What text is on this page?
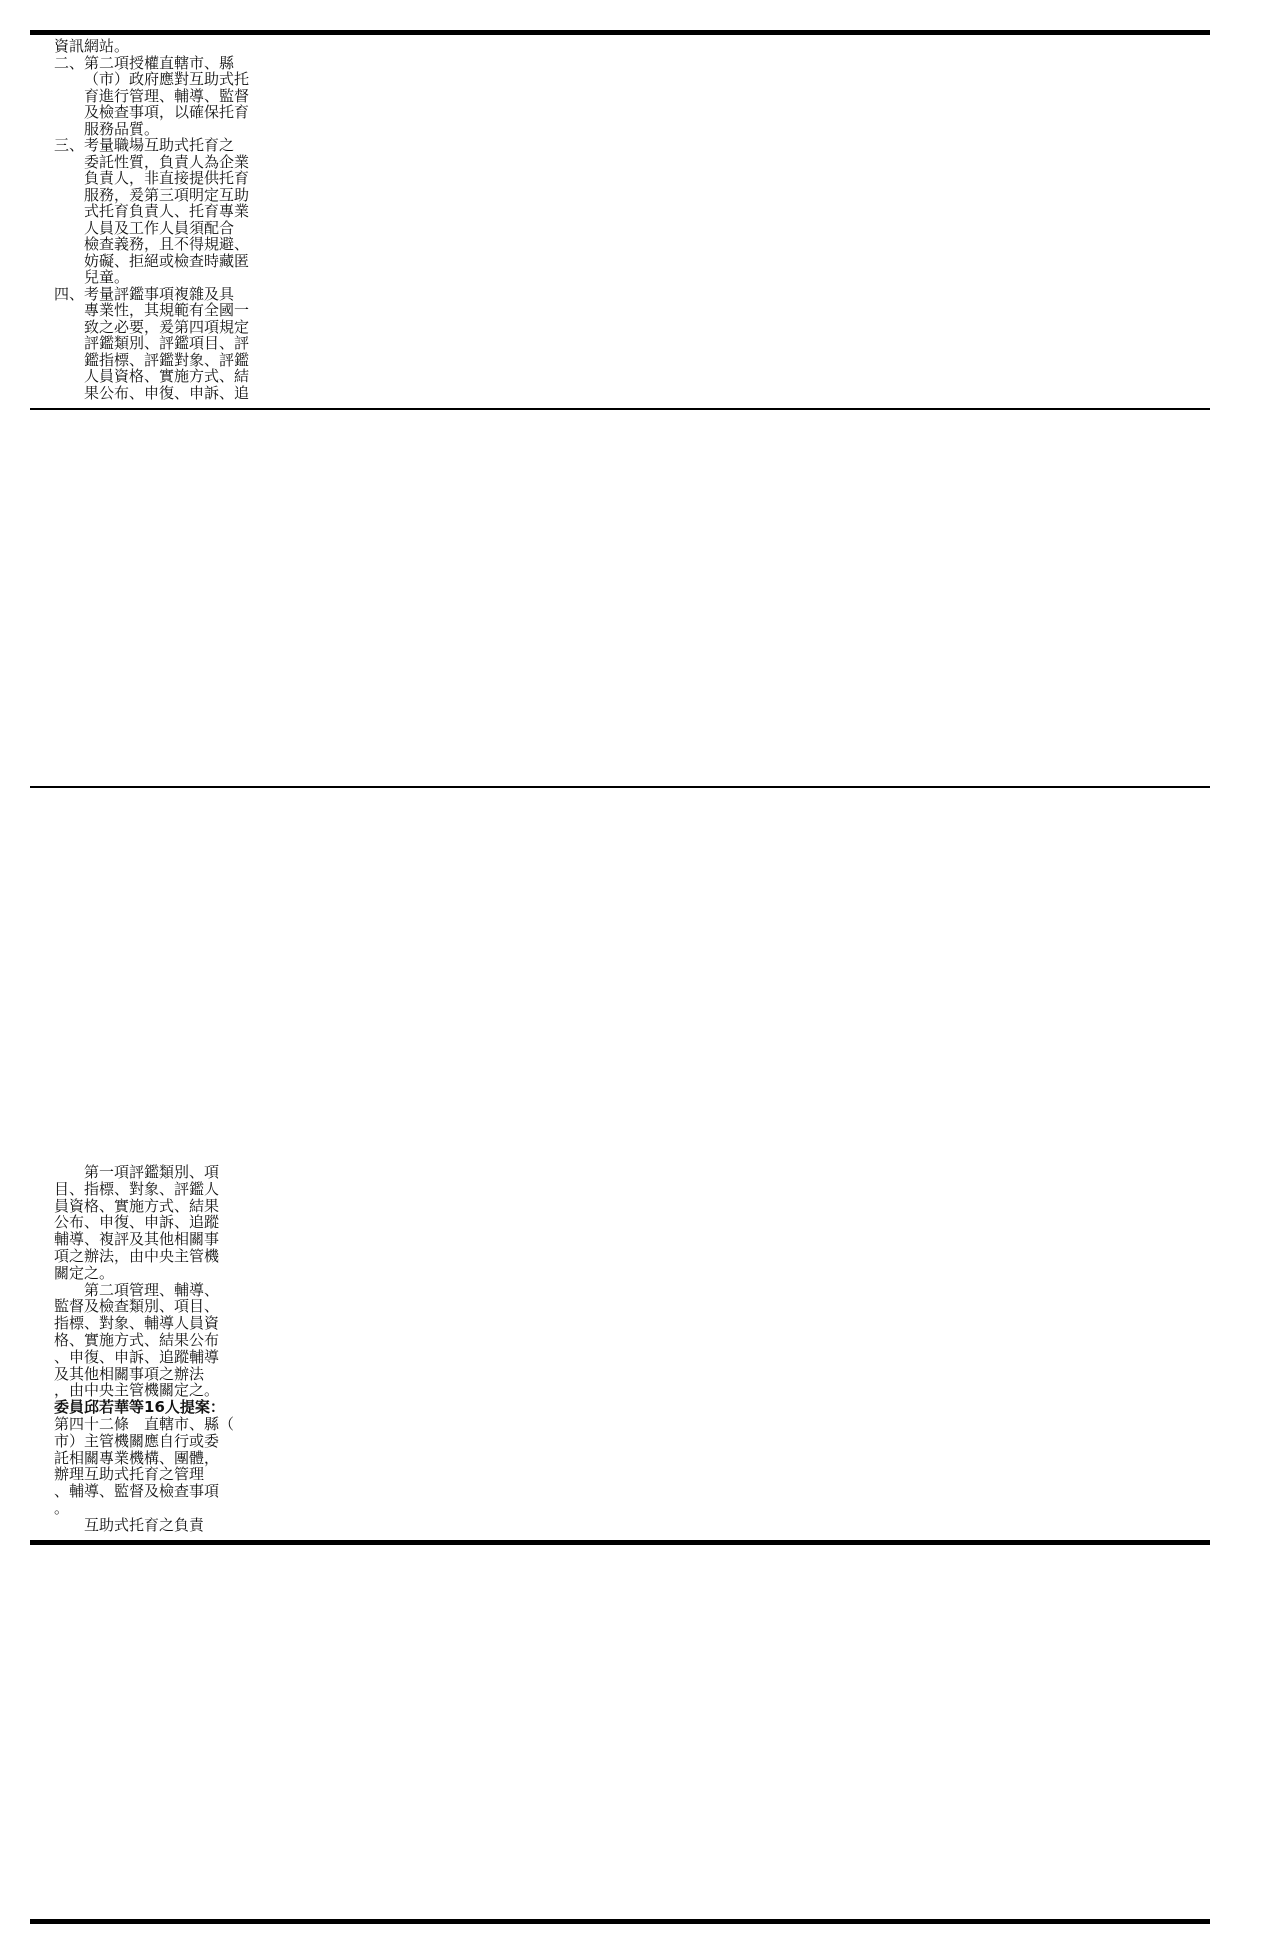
資訊網站。
二、第二項授權直轄市、縣
（市）政府應對互助式托
育進行管理、輔導、監督
及檢查事項，以確保托育
服務品質。
三、考量職場互助式托育之
委託性質，負責人為企業
負責人，非直接提供托育
服務，爰第三項明定互助
式托育負責人、托育專業
人員及工作人員須配合
檢查義務，且不得規避、
妨礙、拒絕或檢查時藏匿
兒童。
四、考量評鑑事項複雜及具
專業性，其規範有全國一
致之必要，爰第四項規定
評鑑類別、評鑑項目、評
鑑指標、評鑑對象、評鑑
人員資格、實施方式、結
果公布、申復、申訴、追
第一項評鑑類別、項
目、指標、對象、評鑑人
員資格、實施方式、結果
公布、申復、申訴、追蹤
輔導、複評及其他相關事
項之辦法，由中央主管機
關定之。
第二項管理、輔導、
監督及檢查類別、項目、
指標、對象、輔導人員資
格、實施方式、結果公布
、申復、申訴、追蹤輔導
及其他相關事項之辦法
，由中央主管機關定之。
委員邱若華等16人提案：
第四十二條　直轄市、縣（
市）主管機關應自行或委
託相關專業機構、團體，
辦理互助式托育之管理
、輔導、監督及檢查事項
。
互助式托育之負責
